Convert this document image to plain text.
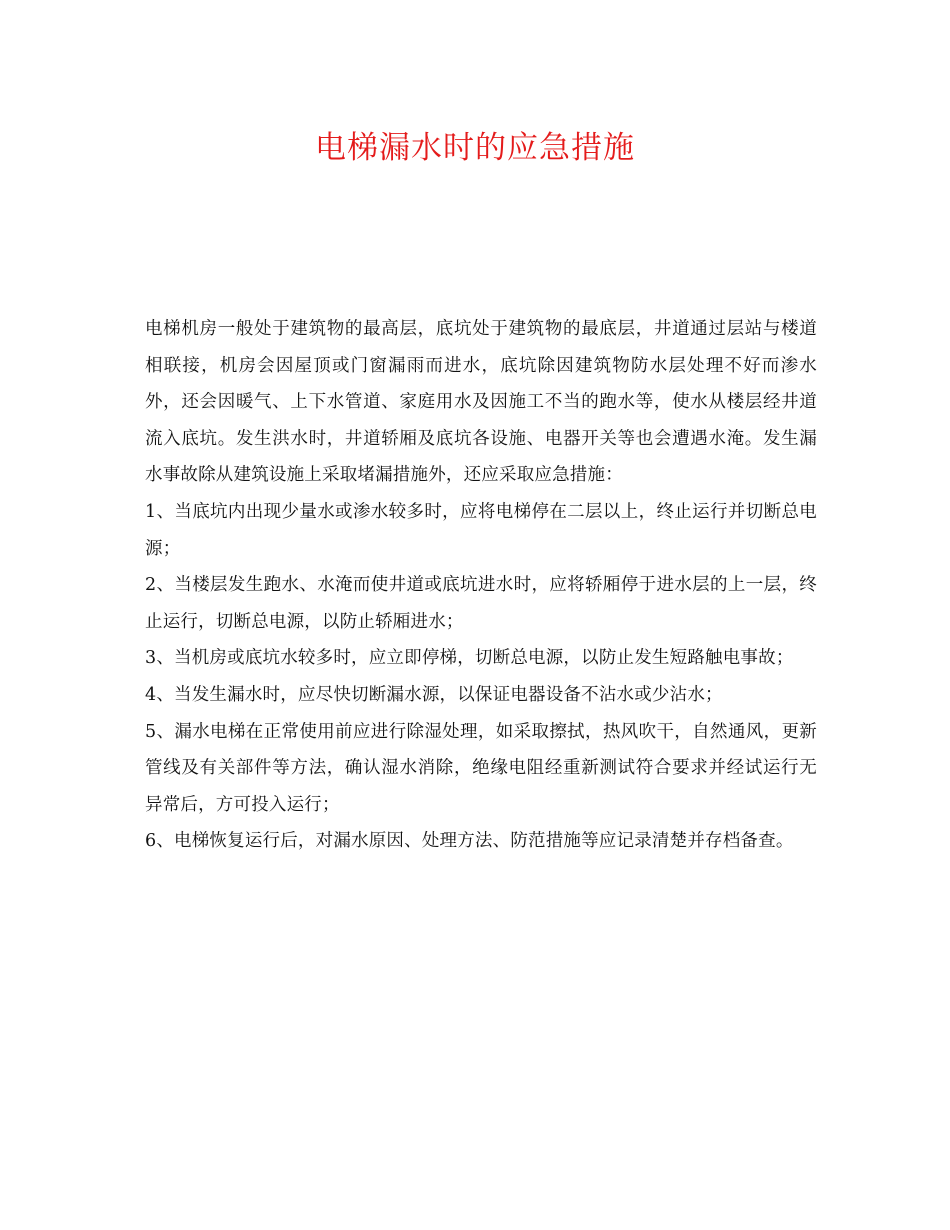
电梯漏水时的应急措施

电梯机房一般处于建筑物的最高层，底坑处于建筑物的最底层，井道通过层站与楼道相联接，机房会因屋顶或门窗漏雨而进水，底坑除因建筑物防水层处理不好而渗水外，还会因暖气、上下水管道、家庭用水及因施工不当的跑水等，使水从楼层经井道流入底坑。发生洪水时，井道轿厢及底坑各设施、电器开关等也会遭遇水淹。发生漏水事故除从建筑设施上采取堵漏措施外，还应采取应急措施：

1、当底坑内出现少量水或渗水较多时，应将电梯停在二层以上，终止运行并切断总电源；

2、当楼层发生跑水、水淹而使井道或底坑进水时，应将轿厢停于进水层的上一层，终止运行，切断总电源，以防止轿厢进水；

3、当机房或底坑水较多时，应立即停梯，切断总电源，以防止发生短路触电事故；

4、当发生漏水时，应尽快切断漏水源，以保证电器设备不沾水或少沾水；

5、漏水电梯在正常使用前应进行除湿处理，如采取擦拭，热风吹干，自然通风，更新管线及有关部件等方法，确认湿水消除，绝缘电阻经重新测试符合要求并经试运行无异常后，方可投入运行；

6、电梯恢复运行后，对漏水原因、处理方法、防范措施等应记录清楚并存档备查。
